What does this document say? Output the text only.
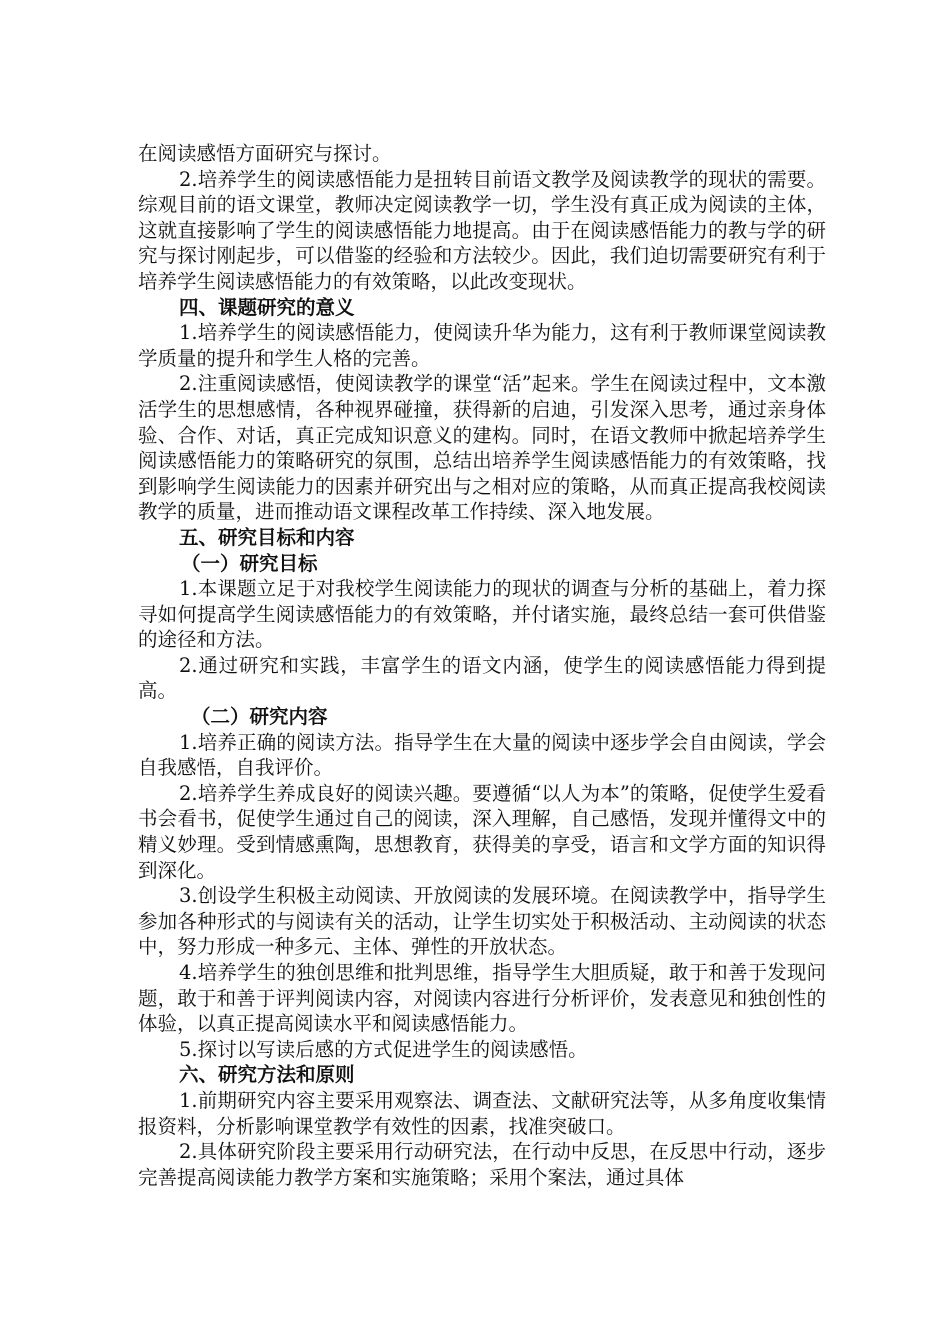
在阅读感悟方面研究与探讨。

2.培养学生的阅读感悟能力是扭转目前语文教学及阅读教学的现状的需要。综观目前的语文课堂，教师决定阅读教学一切，学生没有真正成为阅读的主体，这就直接影响了学生的阅读感悟能力地提高。由于在阅读感悟能力的教与学的研究与探讨刚起步，可以借鉴的经验和方法较少。因此，我们迫切需要研究有利于培养学生阅读感悟能力的有效策略，以此改变现状。

四、课题研究的意义

1.培养学生的阅读感悟能力，使阅读升华为能力，这有利于教师课堂阅读教学质量的提升和学生人格的完善。

2.注重阅读感悟，使阅读教学的课堂“活”起来。学生在阅读过程中，文本激活学生的思想感情，各种视界碰撞，获得新的启迪，引发深入思考，通过亲身体验、合作、对话，真正完成知识意义的建构。同时，在语文教师中掀起培养学生阅读感悟能力的策略研究的氛围，总结出培养学生阅读感悟能力的有效策略，找到影响学生阅读能力的因素并研究出与之相对应的策略，从而真正提高我校阅读教学的质量，进而推动语文课程改革工作持续、深入地发展。

五、研究目标和内容

（一）研究目标

1.本课题立足于对我校学生阅读能力的现状的调查与分析的基础上，着力探寻如何提高学生阅读感悟能力的有效策略，并付诸实施，最终总结一套可供借鉴的途径和方法。

2.通过研究和实践，丰富学生的语文内涵，使学生的阅读感悟能力得到提高。

（二）研究内容

1.培养正确的阅读方法。指导学生在大量的阅读中逐步学会自由阅读，学会自我感悟，自我评价。

2.培养学生养成良好的阅读兴趣。要遵循“以人为本”的策略，促使学生爱看书会看书，促使学生通过自己的阅读，深入理解，自己感悟，发现并懂得文中的精义妙理。受到情感熏陶，思想教育，获得美的享受，语言和文学方面的知识得到深化。

3.创设学生积极主动阅读、开放阅读的发展环境。在阅读教学中，指导学生参加各种形式的与阅读有关的活动，让学生切实处于积极活动、主动阅读的状态中，努力形成一种多元、主体、弹性的开放状态。

4.培养学生的独创思维和批判思维，指导学生大胆质疑，敢于和善于发现问题，敢于和善于评判阅读内容，对阅读内容进行分析评价，发表意见和独创性的体验，以真正提高阅读水平和阅读感悟能力。

5.探讨以写读后感的方式促进学生的阅读感悟。

六、研究方法和原则

1.前期研究内容主要采用观察法、调查法、文献研究法等，从多角度收集情报资料，分析影响课堂教学有效性的因素，找准突破口。

2.具体研究阶段主要采用行动研究法，在行动中反思，在反思中行动，逐步完善提高阅读能力教学方案和实施策略；采用个案法，通过具体
